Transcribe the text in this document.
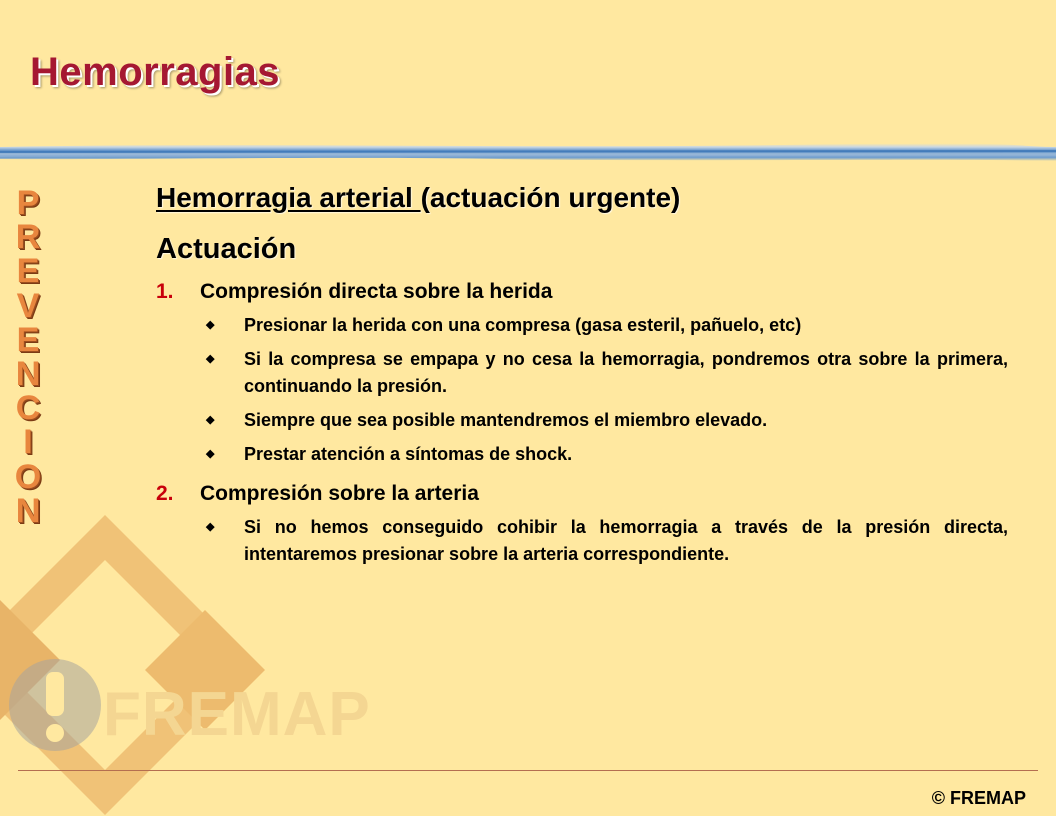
FREMAP
Hemorragias
P
R
E
V
E
N
C
I
O
N
Hemorragia arterial (actuación urgente)
Actuación
1.	Compresión directa sobre la herida
◆	Presionar la herida con una compresa (gasa esteril, pañuelo, etc)
◆	Si la compresa se empapa y no cesa la hemorragia, pondremos otra sobre la primera, continuando la presión.
◆	Siempre que sea posible mantendremos el miembro elevado.
◆	Prestar atención a síntomas de shock.
2.	Compresión sobre la arteria
◆	Si no hemos conseguido cohibir la hemorragia a través de la presión directa, intentaremos presionar sobre la arteria correspondiente.
© FREMAP
